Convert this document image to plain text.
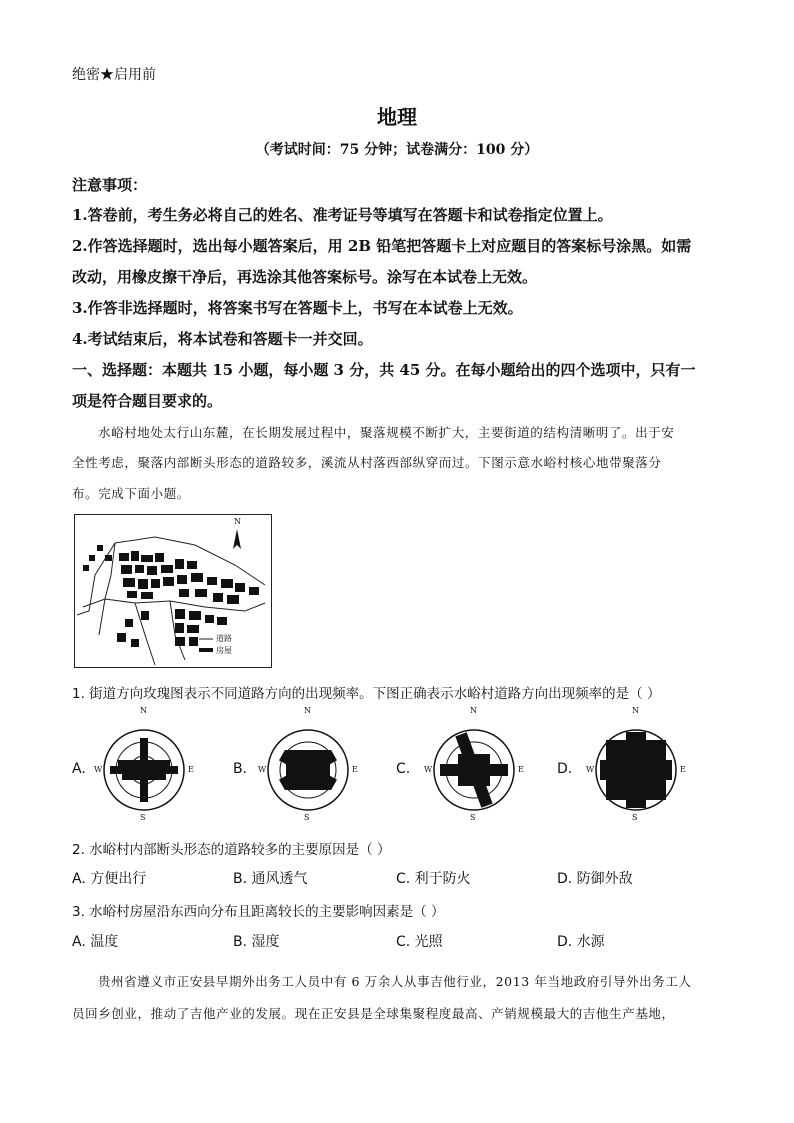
绝密★启用前
地理
（考试时间：75 分钟；试卷满分：100 分）
注意事项：
1.答卷前，考生务必将自己的姓名、准考证号等填写在答题卡和试卷指定位置上。
2.作答选择题时，选出每小题答案后，用 2B 铅笔把答题卡上对应题目的答案标号涂黑。如需
改动，用橡皮擦干净后，再选涂其他答案标号。涂写在本试卷上无效。
3.作答非选择题时，将答案书写在答题卡上，书写在本试卷上无效。
4.考试结束后，将本试卷和答题卡一并交回。
一、选择题：本题共 15 小题，每小题 3 分，共 45 分。在每小题给出的四个选项中，只有一
项是符合题目要求的。
水峪村地处太行山东麓，在长期发展过程中，聚落规模不断扩大，主要街道的结构清晰明了。出于安
全性考虑，聚落内部断头形态的道路较多，溪流从村落西部纵穿而过。下图示意水峪村核心地带聚落分
布。完成下面小题。
N
道路
房屋
1. 街道方向玫瑰图表示不同道路方向的出现频率。下图正确表示水峪村道路方向出现频率的是（ ）
A.
N
S
E
W	B.
N
S
E
W	C.
N
S
E
W	D.
N
S
E
W
2. 水峪村内部断头形态的道路较多的主要原因是（ ）
A. 方便出行	B. 通风透气	C. 利于防火	D. 防御外敌
3. 水峪村房屋沿东西向分布且距离较长的主要影响因素是（ ）
A. 温度	B. 湿度	C. 光照	D. 水源
贵州省遵义市正安县早期外出务工人员中有 6 万余人从事吉他行业，2013 年当地政府引导外出务工人
员回乡创业，推动了吉他产业的发展。现在正安县是全球集聚程度最高、产销规模最大的吉他生产基地，
